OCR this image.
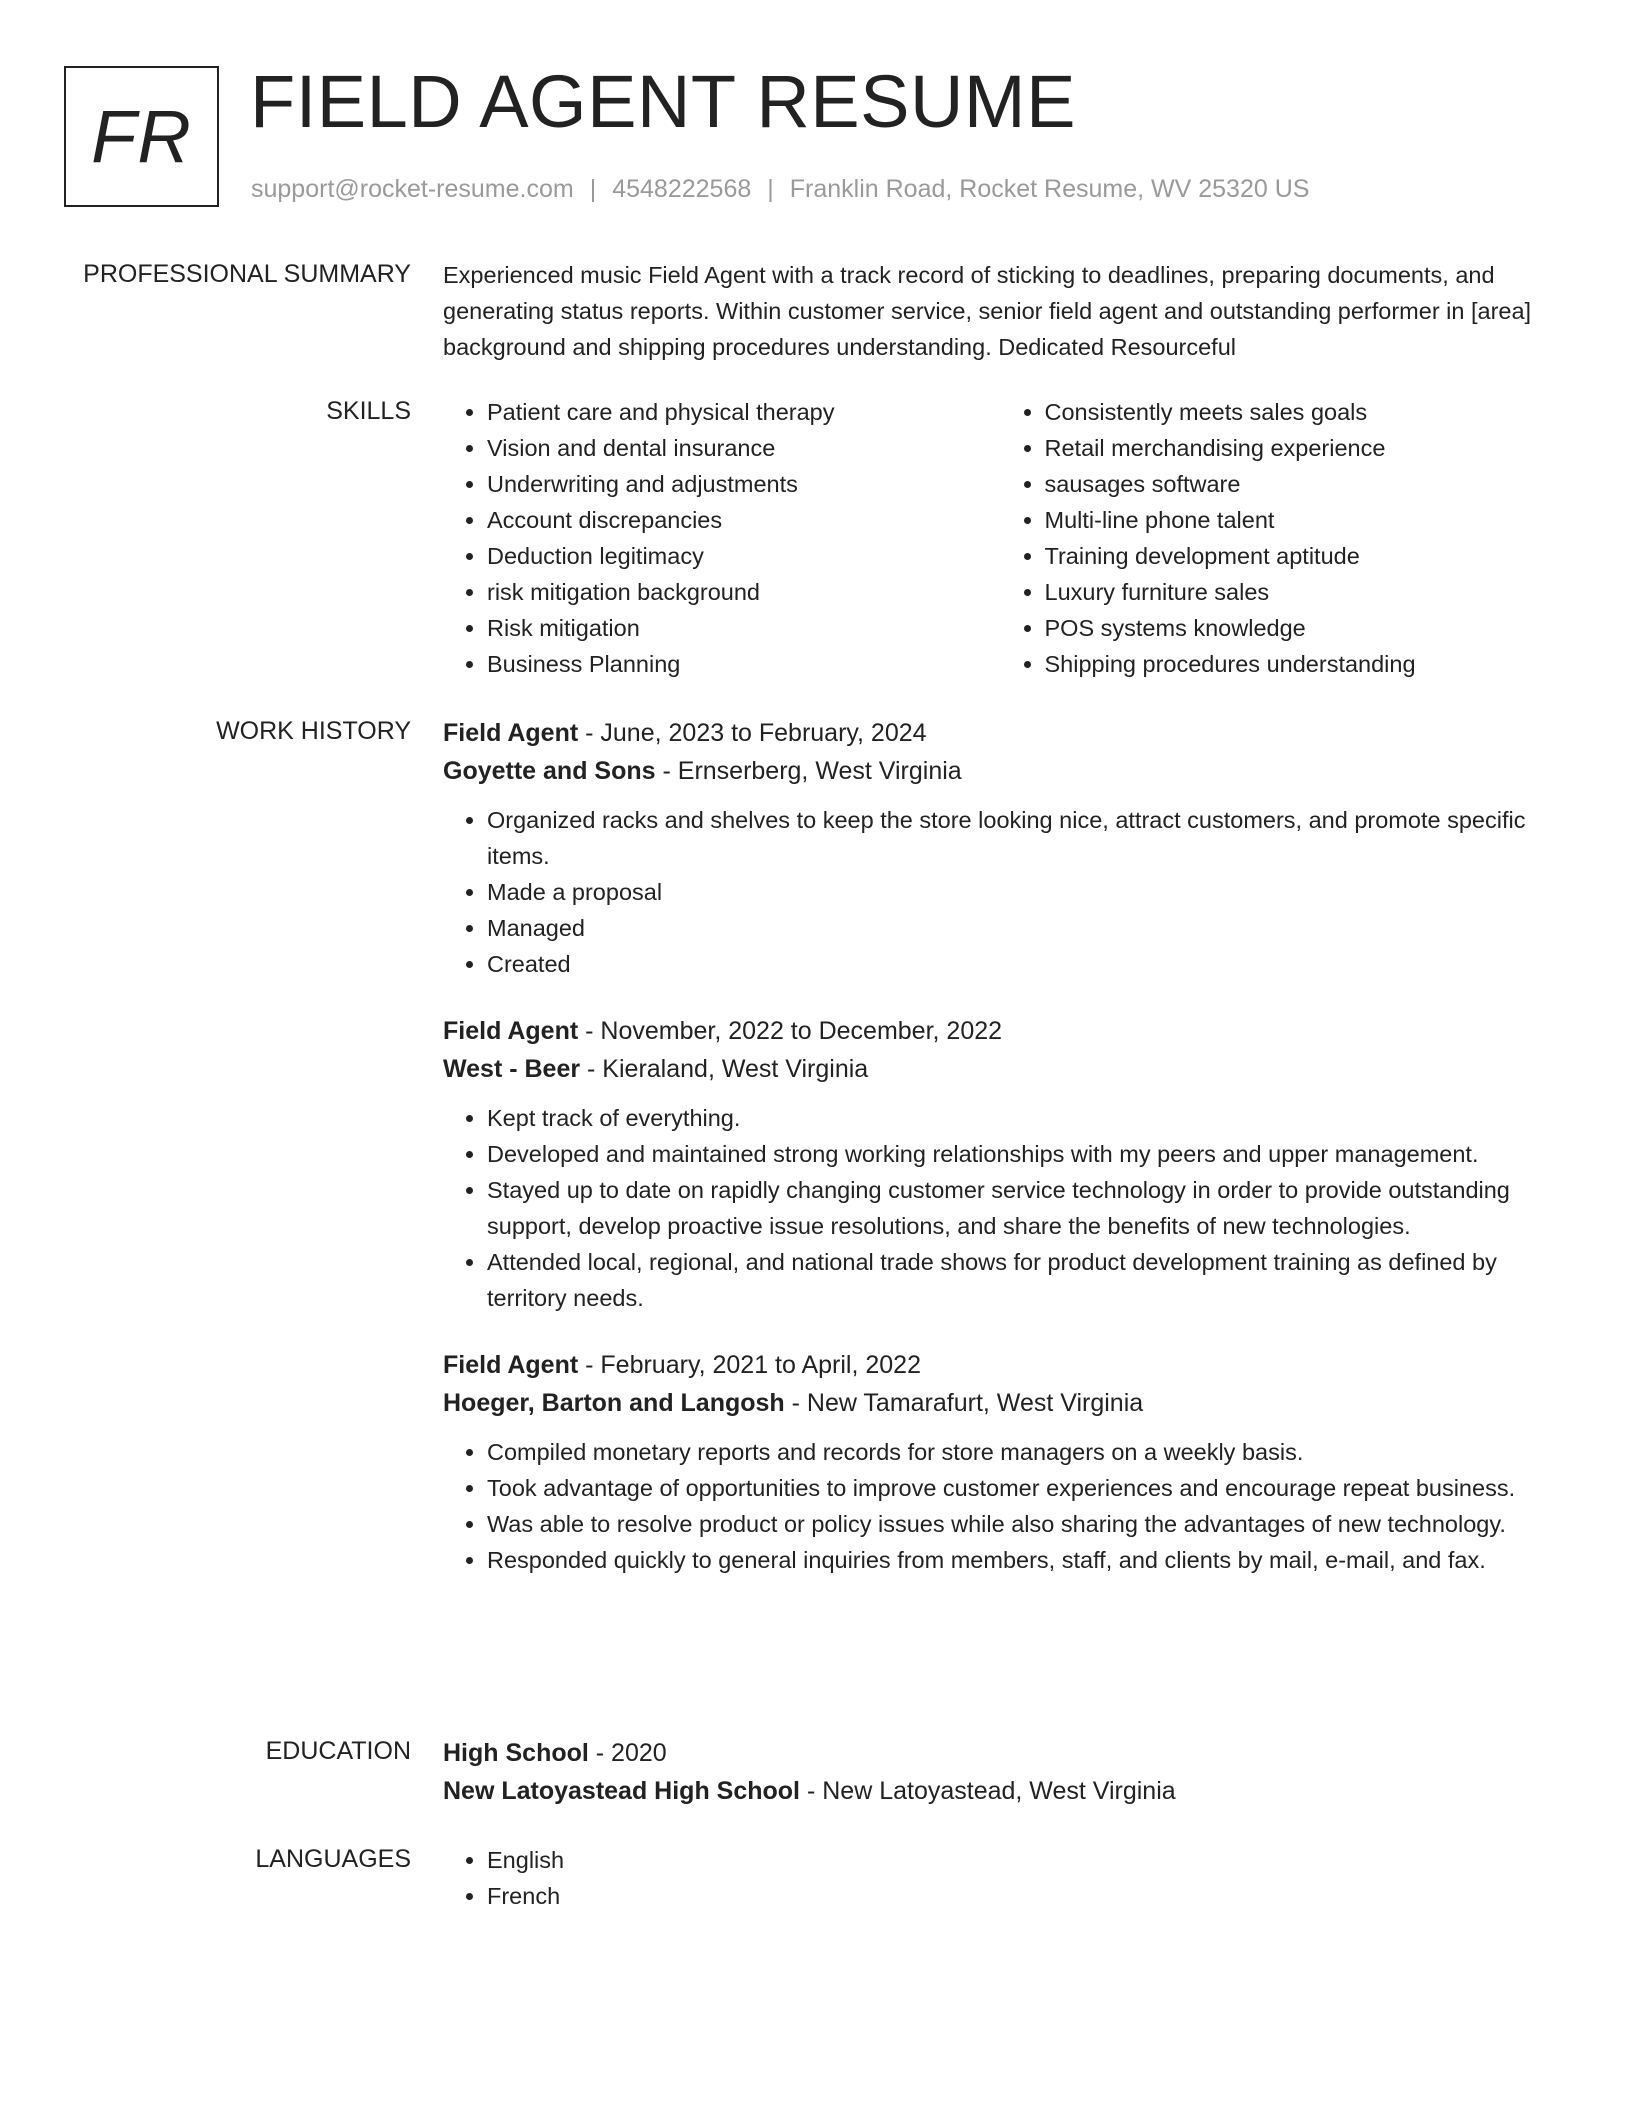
FR FIELD AGENT RESUME
support@rocket-resume.com | 4548222568 | Franklin Road, Rocket Resume, WV 25320 US
PROFESSIONAL SUMMARY Experienced music Field Agent with a track record of sticking to deadlines, preparing documents, and generating status reports. Within customer service, senior field agent and outstanding performer in [area] background and shipping procedures understanding. Dedicated Resourceful

SKILLS	• Patient care and physical therapy
• Vision and dental insurance
• Underwriting and adjustments
• Account discrepancies
• Deduction legitimacy
• risk mitigation background
• Risk mitigation
• Business Planning
• Consistently meets sales goals
• Retail merchandising experience
• sausages software
• Multi-line phone talent
• Training development aptitude
• Luxury furniture sales
• POS systems knowledge
• Shipping procedures understanding
WORK HISTORY Field Agent - June, 2023 to February, 2024
Goyette and Sons - Ernserberg, West Virginia
• Organized racks and shelves to keep the store looking nice, attract customers, and promote specific items.
• Made a proposal
• Managed
• Created
Field Agent - November, 2022 to December, 2022
West - Beer - Kieraland, West Virginia
• Kept track of everything.
• Developed and maintained strong working relationships with my peers and upper management.
• Stayed up to date on rapidly changing customer service technology in order to provide outstanding support, develop proactive issue resolutions, and share the benefits of new technologies.
• Attended local, regional, and national trade shows for product development training as defined by territory needs.
Field Agent - February, 2021 to April, 2022
Hoeger, Barton and Langosh - New Tamarafurt, West Virginia
• Compiled monetary reports and records for store managers on a weekly basis.
• Took advantage of opportunities to improve customer experiences and encourage repeat business.
• Was able to resolve product or policy issues while also sharing the advantages of new technology.
• Responded quickly to general inquiries from members, staff, and clients by mail, e-mail, and fax.
EDUCATION High School - 2020
New Latoyastead High School - New Latoyastead, West Virginia
LANGUAGES	• English
• French
